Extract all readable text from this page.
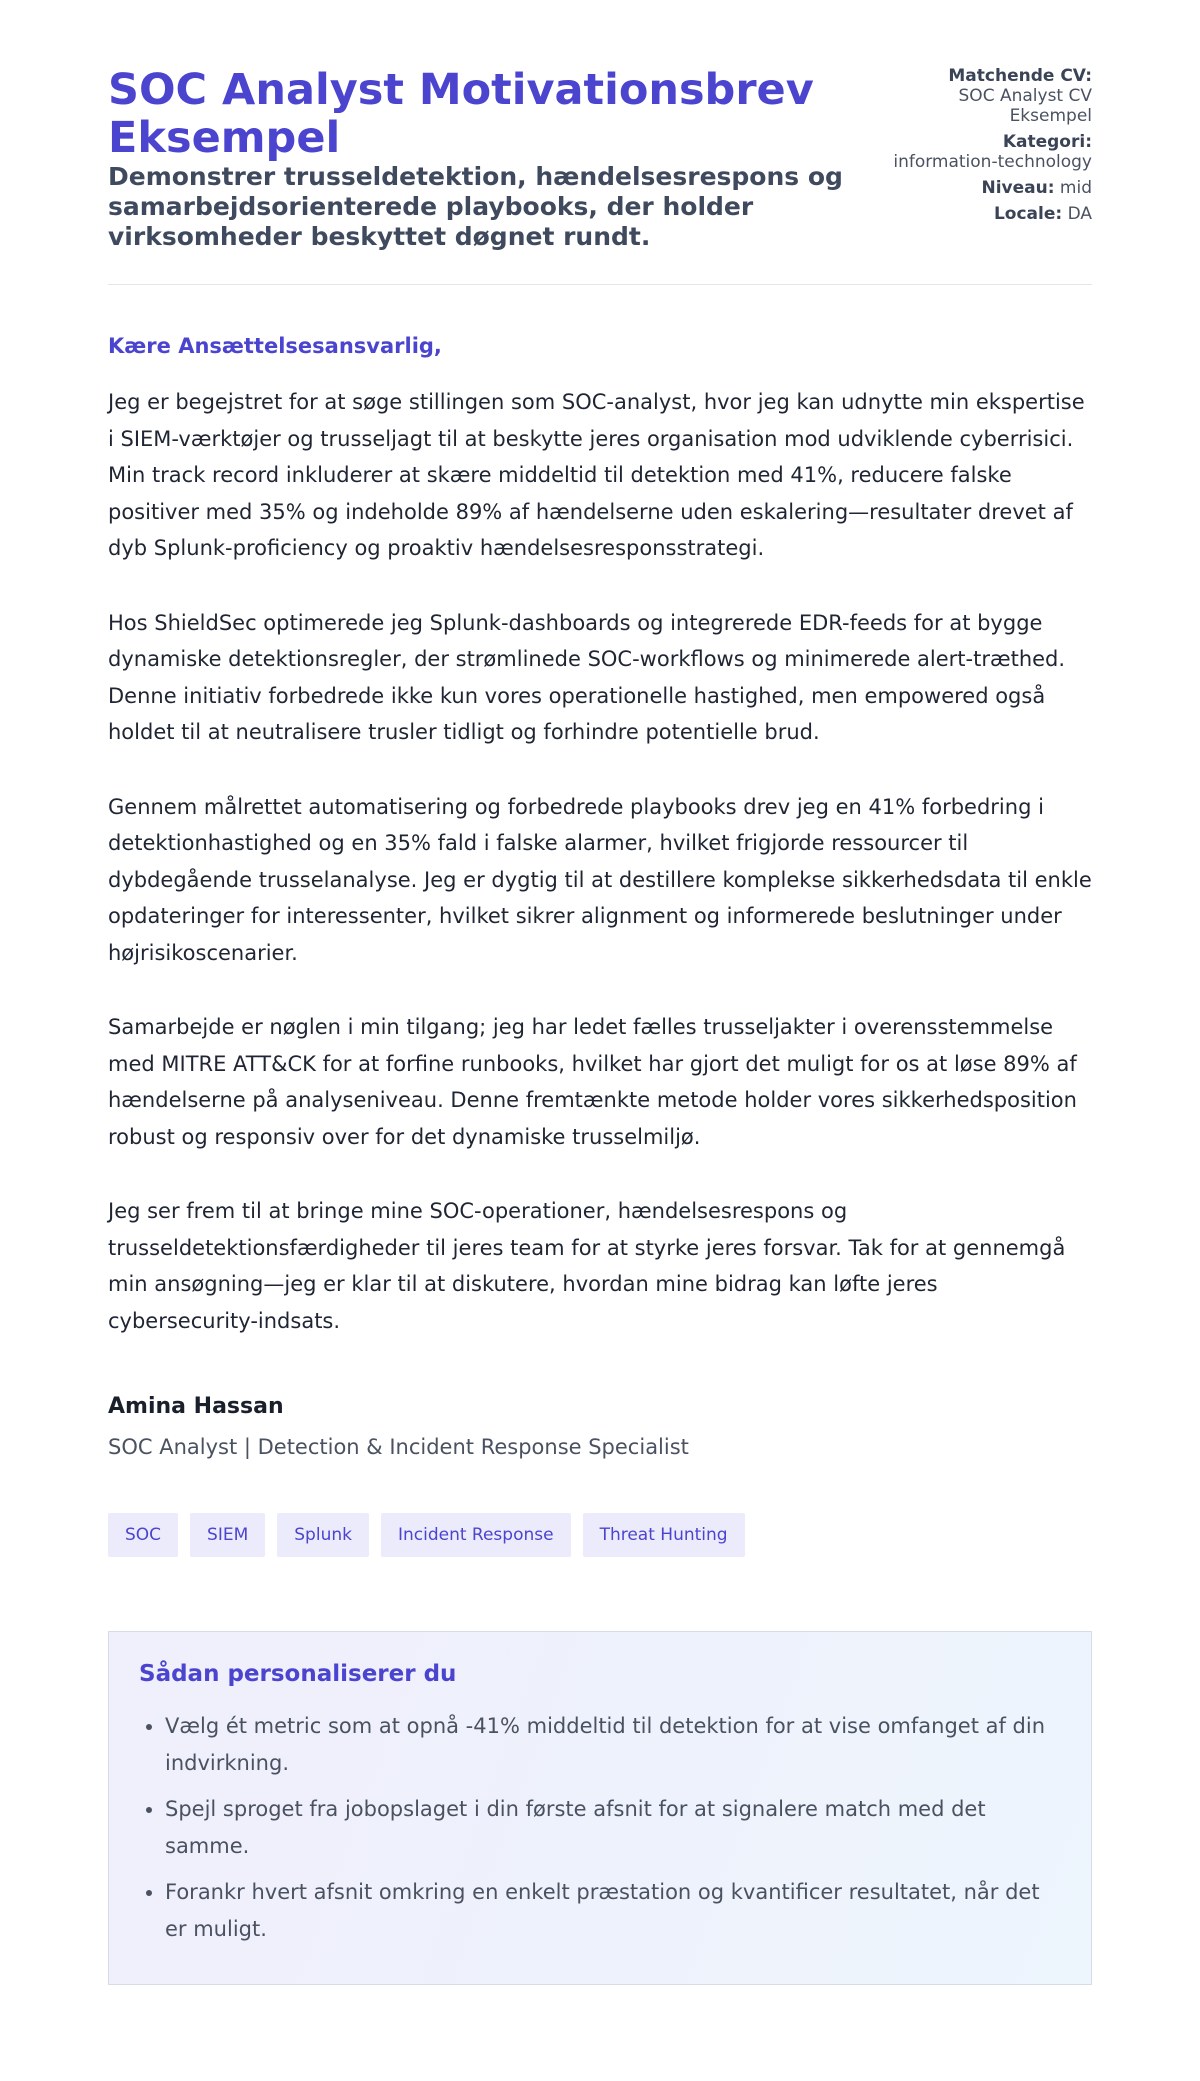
SOC Analyst Motivationsbrev Eksempel
Demonstrer trusseldetektion, hændelsesrespons og samarbejdsorienterede playbooks, der holder virksomheder beskyttet døgnet rundt.
Matchende CV:
SOC Analyst CV Eksempel
Kategori:
information-technology
Niveau: mid
Locale: DA

Kære Ansættelsesansvarlig,

Jeg er begejstret for at søge stillingen som SOC-analyst, hvor jeg kan udnytte min ekspertise i SIEM-værktøjer og trusseljagt til at beskytte jeres organisation mod udviklende cyberrisici. Min track record inkluderer at skære middeltid til detektion med 41%, reducere falske positiver med 35% og indeholde 89% af hændelserne uden eskalering—resultater drevet af dyb Splunk-proficiency og proaktiv hændelsesresponsstrategi.

Hos ShieldSec optimerede jeg Splunk-dashboards og integrerede EDR-feeds for at bygge dynamiske detektionsregler, der strømlinede SOC-workflows og minimerede alert-træthed. Denne initiativ forbedrede ikke kun vores operationelle hastighed, men empowered også holdet til at neutralisere trusler tidligt og forhindre potentielle brud.

Gennem målrettet automatisering og forbedrede playbooks drev jeg en 41% forbedring i detektionhastighed og en 35% fald i falske alarmer, hvilket frigjorde ressourcer til dybdegående trusselanalyse. Jeg er dygtig til at destillere komplekse sikkerhedsdata til enkle opdateringer for interessenter, hvilket sikrer alignment og informerede beslutninger under højrisikoscenarier.

Samarbejde er nøglen i min tilgang; jeg har ledet fælles trusseljakter i overensstemmelse med MITRE ATT&CK for at forfine runbooks, hvilket har gjort det muligt for os at løse 89% af hændelserne på analyseniveau. Denne fremtænkte metode holder vores sikkerhedsposition robust og responsiv over for det dynamiske trusselmiljø.

Jeg ser frem til at bringe mine SOC-operationer, hændelsesrespons og trusseldetektionsfærdigheder til jeres team for at styrke jeres forsvar. Tak for at gennemgå min ansøgning—jeg er klar til at diskutere, hvordan mine bidrag kan løfte jeres cybersecurity-indsats.

Amina Hassan

SOC Analyst | Detection & Incident Response Specialist

SOC	SIEM	Splunk	Incident Response	Threat Hunting
Sådan personaliserer du
• Vælg ét metric som at opnå -41% middeltid til detektion for at vise omfanget af din indvirkning.
• Spejl sproget fra jobopslaget i din første afsnit for at signalere match med det samme.
• Forankr hvert afsnit omkring en enkelt præstation og kvantificer resultatet, når det er muligt.
